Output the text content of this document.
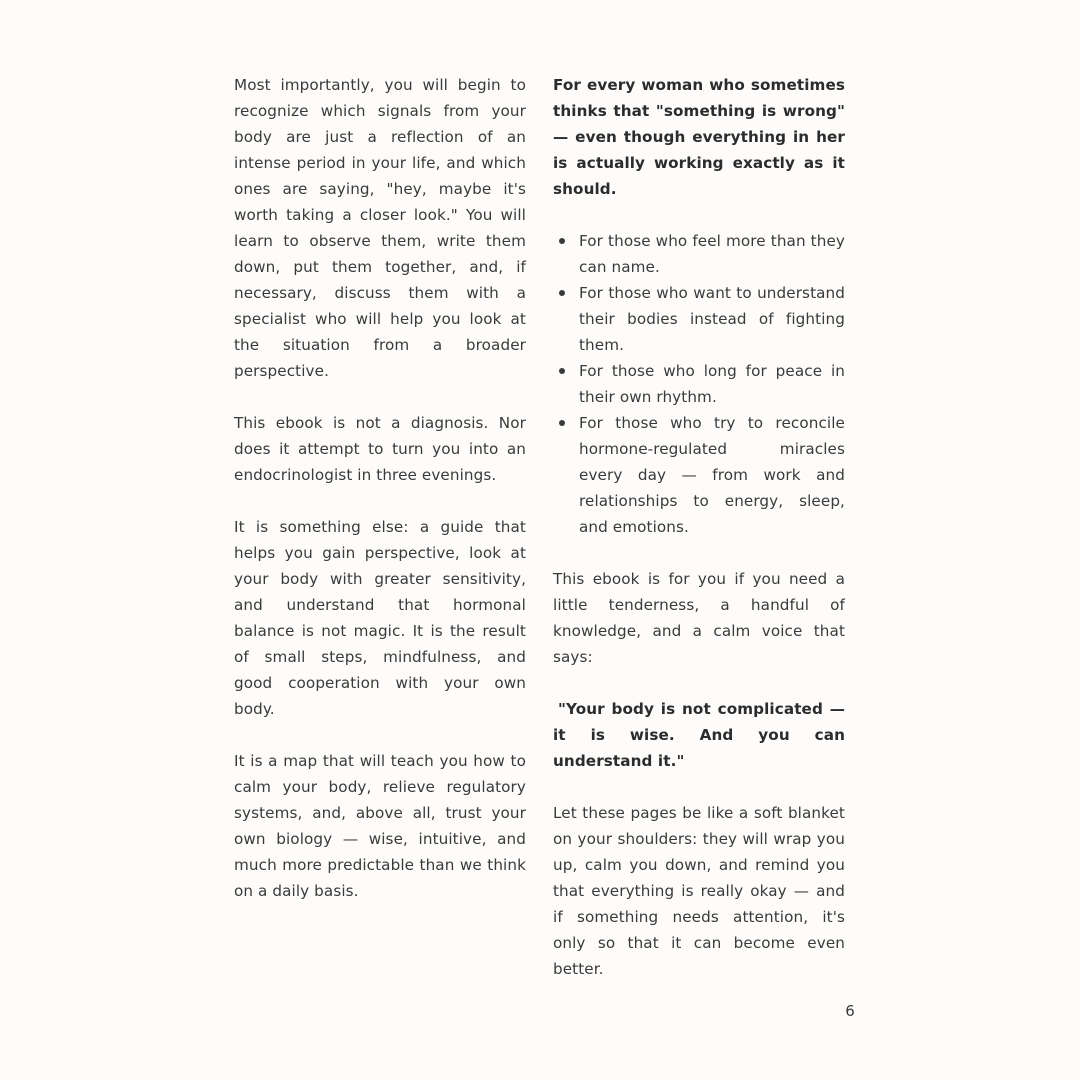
Most importantly, you will begin to recognize which signals from your body are just a reflection of an intense period in your life, and which ones are saying, "hey, maybe it's worth taking a closer look." You will learn to observe them, write them down, put them together, and, if necessary, discuss them with a specialist who will help you look at the situation from a broader perspective.

This ebook is not a diagnosis. Nor does it attempt to turn you into an endocrinologist in three evenings.

It is something else: a guide that helps you gain perspective, look at your body with greater sensitivity, and understand that hormonal balance is not magic. It is the result of small steps, mindfulness, and good cooperation with your own body.

It is a map that will teach you how to calm your body, relieve regulatory systems, and, above all, trust your own biology — wise, intuitive, and much more predictable than we think on a daily basis.

For every woman who sometimes thinks that "something is wrong" — even though everything in her is actually working exactly as it should.

For those who feel more than they can name.
For those who want to understand their bodies instead of fighting them.
For those who long for peace in their own rhythm.
For those who try to reconcile hormone-regulated miracles every day — from work and relationships to energy, sleep, and emotions.

This ebook is for you if you need a little tenderness, a handful of knowledge, and a calm voice that says:

"Your body is not complicated — it is wise. And you can understand it."

Let these pages be like a soft blanket on your shoulders: they will wrap you up, calm you down, and remind you that everything is really okay — and if something needs attention, it's only so that it can become even better.

6
